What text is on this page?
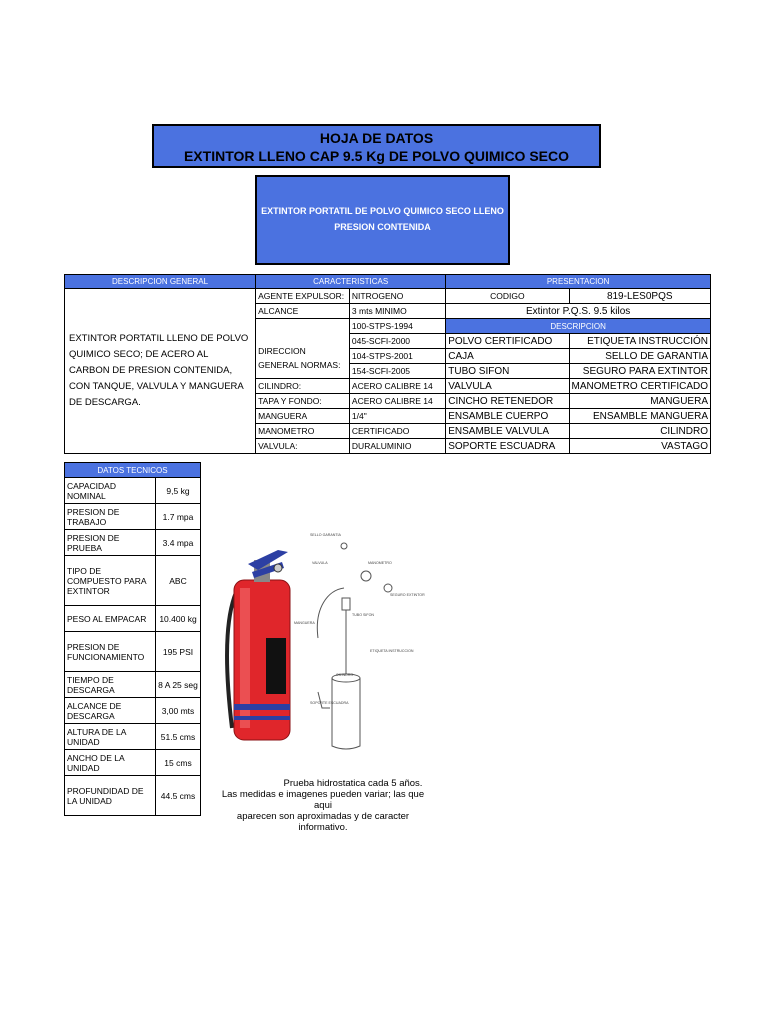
HOJA DE DATOS
EXTINTOR LLENO CAP 9.5 Kg DE POLVO QUIMICO SECO
EXTINTOR PORTATIL DE POLVO QUIMICO SECO LLENO
PRESION CONTENIDA
DESCRIPCION GENERAL	CARACTERISTICAS		PRESENTACION	
EXTINTOR PORTATIL LLENO DE POLVO QUIMICO SECO; DE ACERO AL CARBON DE PRESION CONTENIDA, CON TANQUE, VALVULA Y MANGUERA DE DESCARGA.	AGENTE EXPULSOR:	NITROGENO	CODIGO	819-LES0PQS
	ALCANCE	3 mts MINIMO	Extintor P.Q.S. 9.5 kilos	
	DIRECCION GENERAL NORMAS:	100-STPS-1994	DESCRIPCION	
		045-SCFI-2000	POLVO CERTIFICADO	ETIQUETA INSTRUCCIÓN
		104-STPS-2001	CAJA	SELLO DE GARANTIA
		154-SCFI-2005	TUBO SIFON	SEGURO PARA EXTINTOR
	CILINDRO:	ACERO CALIBRE 14	VALVULA	MANOMETRO CERTIFICADO
	TAPA Y FONDO:	ACERO CALIBRE 14	CINCHO RETENEDOR	MANGUERA
	MANGUERA	1/4"	ENSAMBLE CUERPO	ENSAMBLE MANGUERA
	MANOMETRO	CERTIFICADO	ENSAMBLE VALVULA	CILINDRO
	VALVULA:	DURALUMINIO	SOPORTE ESCUADRA	VASTAGO
DATOS TECNICOS	
CAPACIDAD NOMINAL	9,5 kg
PRESION DE TRABAJO	1.7 mpa
PRESION DE PRUEBA	3.4 mpa
TIPO DE COMPUESTO PARA EXTINTOR	ABC
PESO AL EMPACAR	10.400 kg
PRESION DE FUNCIONAMIENTO	195 PSI
TIEMPO DE DESCARGA	8 A 25 seg
ALCANCE DE DESCARGA	3,00 mts
ALTURA DE LA UNIDAD	51.5 cms
ANCHO DE LA UNIDAD	15 cms
PROFUNDIDAD DE LA UNIDAD	44.5 cms
SELLO GARANTIA
VALVULA	MANOMETRO
SEGURO EXTINTOR
MANGUERA
TUBO SIFON
ETIQUETA INSTRUCCION
CILINDRO
SOPORTE ESCUADRA
Prueba hidrostatica cada 5 años.
Las medidas e imagenes pueden variar; las que aqui
aparecen son aproximadas y de caracter informativo.
